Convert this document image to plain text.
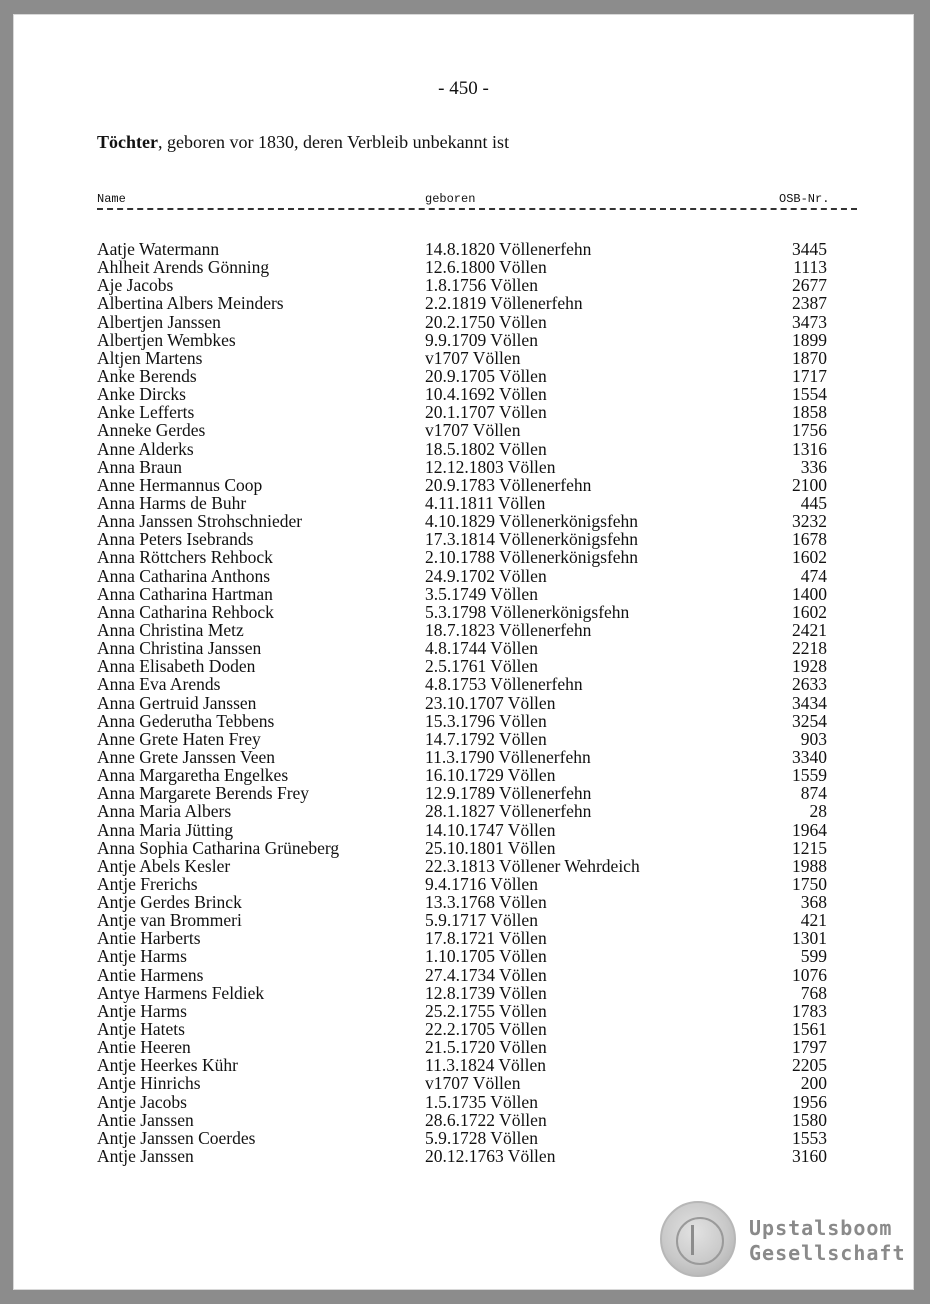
- 450 -
Töchter, geboren vor 1830, deren Verbleib unbekannt ist
Name	geboren	OSB-Nr.
Aatje Watermann	14.8.1820 Völlenerfehn	3445
Ahlheit Arends Gönning	12.6.1800 Völlen	1113
Aje Jacobs	1.8.1756 Völlen	2677
Albertina Albers Meinders	2.2.1819 Völlenerfehn	2387
Albertjen Janssen	20.2.1750 Völlen	3473
Albertjen Wembkes	9.9.1709 Völlen	1899
Altjen Martens	v1707 Völlen	1870
Anke Berends	20.9.1705 Völlen	1717
Anke Dircks	10.4.1692 Völlen	1554
Anke Lefferts	20.1.1707 Völlen	1858
Anneke Gerdes	v1707 Völlen	1756
Anne Alderks	18.5.1802 Völlen	1316
Anna Braun	12.12.1803 Völlen	336
Anne Hermannus Coop	20.9.1783 Völlenerfehn	2100
Anna Harms de Buhr	4.11.1811 Völlen	445
Anna Janssen Strohschnieder	4.10.1829 Völlenerkönigsfehn	3232
Anna Peters Isebrands	17.3.1814 Völlenerkönigsfehn	1678
Anna Röttchers Rehbock	2.10.1788 Völlenerkönigsfehn	1602
Anna Catharina Anthons	24.9.1702 Völlen	474
Anna Catharina Hartman	3.5.1749 Völlen	1400
Anna Catharina Rehbock	5.3.1798 Völlenerkönigsfehn	1602
Anna Christina Metz	18.7.1823 Völlenerfehn	2421
Anna Christina Janssen	4.8.1744 Völlen	2218
Anna Elisabeth Doden	2.5.1761 Völlen	1928
Anna Eva Arends	4.8.1753 Völlenerfehn	2633
Anna Gertruid Janssen	23.10.1707 Völlen	3434
Anna Gederutha Tebbens	15.3.1796 Völlen	3254
Anne Grete Haten Frey	14.7.1792 Völlen	903
Anne Grete Janssen Veen	11.3.1790 Völlenerfehn	3340
Anna Margaretha Engelkes	16.10.1729 Völlen	1559
Anna Margarete Berends Frey	12.9.1789 Völlenerfehn	874
Anna Maria Albers	28.1.1827 Völlenerfehn	28
Anna Maria Jütting	14.10.1747 Völlen	1964
Anna Sophia Catharina Grüneberg	25.10.1801 Völlen	1215
Antje Abels Kesler	22.3.1813 Völlener Wehrdeich	1988
Antje Frerichs	9.4.1716 Völlen	1750
Antje Gerdes Brinck	13.3.1768 Völlen	368
Antje van Brommeri	5.9.1717 Völlen	421
Antie Harberts	17.8.1721 Völlen	1301
Antje Harms	1.10.1705 Völlen	599
Antie Harmens	27.4.1734 Völlen	1076
Antye Harmens Feldiek	12.8.1739 Völlen	768
Antje Harms	25.2.1755 Völlen	1783
Antje Hatets	22.2.1705 Völlen	1561
Antie Heeren	21.5.1720 Völlen	1797
Antje Heerkes Kühr	11.3.1824 Völlen	2205
Antje Hinrichs	v1707 Völlen	200
Antje Jacobs	1.5.1735 Völlen	1956
Antie Janssen	28.6.1722 Völlen	1580
Antje Janssen Coerdes	5.9.1728 Völlen	1553
Antje Janssen	20.12.1763 Völlen	3160
Upstalsboom
Gesellschaft
